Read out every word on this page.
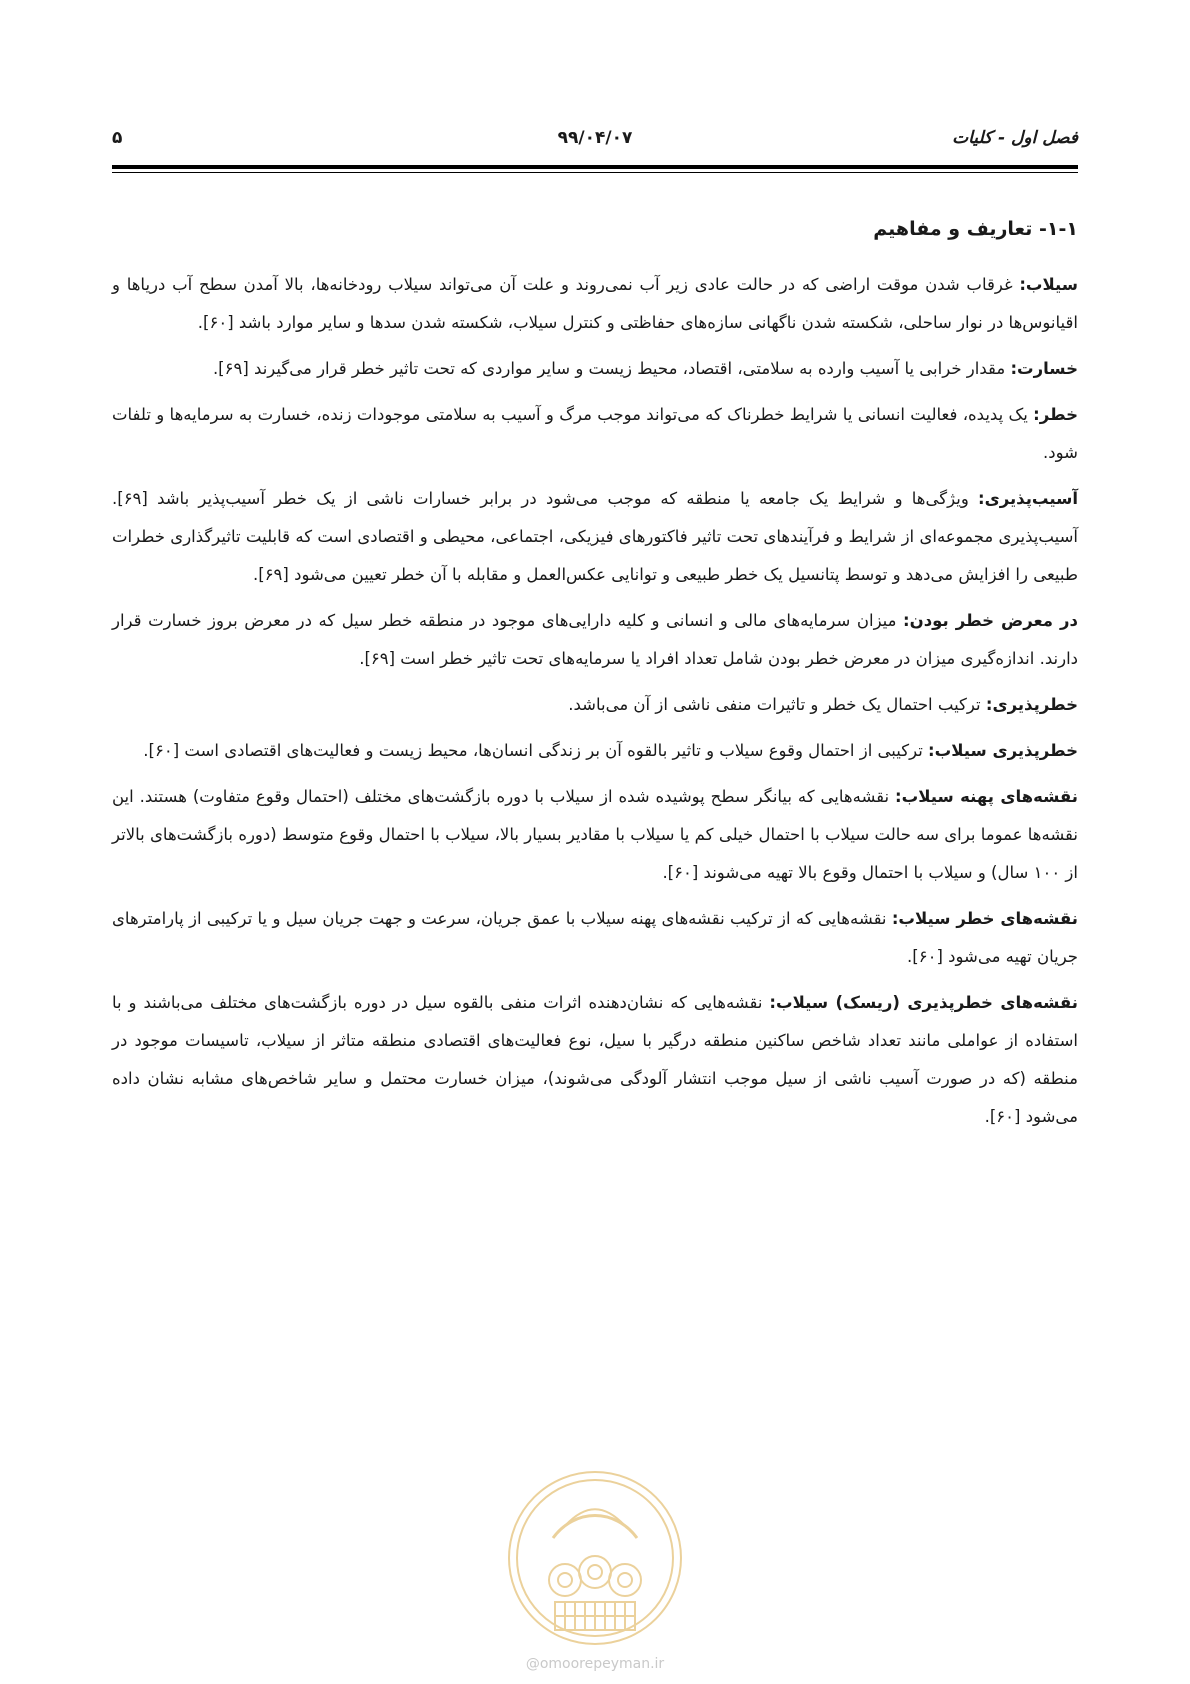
فصل اول - کلیات
۹۹/۰۴/۰۷
۵
۱-۱- تعاریف و مفاهیم

سیلاب: غرقاب شدن موقت اراضی که در حالت عادی زیر آب نمی‌روند و علت آن می‌تواند سیلاب رودخانه‌ها، بالا آمدن سطح آب دریاها و اقیانوس‌ها در نوار ساحلی، شکسته شدن ناگهانی سازه‌های حفاظتی و کنترل سیلاب، شکسته شدن سدها و سایر موارد باشد [۶۰].

خسارت: مقدار خرابی یا آسیب وارده به سلامتی، اقتصاد، محیط زیست و سایر مواردی که تحت تاثیر خطر قرار می‌گیرند [۶۹].

خطر: یک پدیده، فعالیت انسانی یا شرایط خطرناک که می‌تواند موجب مرگ و آسیب به سلامتی موجودات زنده، خسارت به سرمایه‌ها و تلفات شود.

آسیب‌پذیری: ویژگی‌ها و شرایط یک جامعه یا منطقه که موجب می‌شود در برابر خسارات ناشی از یک خطر آسیب‌پذیر باشد [۶۹]. آسیب‌پذیری مجموعه‌ای از شرایط و فرآیندهای تحت تاثیر فاکتورهای فیزیکی، اجتماعی، محیطی و اقتصادی است که قابلیت تاثیرگذاری خطرات طبیعی را افزایش می‌دهد و توسط پتانسیل یک خطر طبیعی و توانایی عکس‌العمل و مقابله با آن خطر تعیین می‌شود [۶۹].

در معرض خطر بودن: میزان سرمایه‌های مالی و انسانی و کلیه دارایی‌های موجود در منطقه خطر سیل که در معرض بروز خسارت قرار دارند. اندازه‌گیری میزان در معرض خطر بودن شامل تعداد افراد یا سرمایه‌های تحت تاثیر خطر است [۶۹].

خطرپذیری: ترکیب احتمال یک خطر و تاثیرات منفی ناشی از آن می‌باشد.

خطرپذیری سیلاب: ترکیبی از احتمال وقوع سیلاب و تاثیر بالقوه آن بر زندگی انسان‌ها، محیط زیست و فعالیت‌های اقتصادی است [۶۰].

نقشه‌های پهنه سیلاب: نقشه‌هایی که بیانگر سطح پوشیده شده از سیلاب با دوره بازگشت‌های مختلف (احتمال وقوع متفاوت) هستند. این نقشه‌ها عموما برای سه حالت سیلاب با احتمال خیلی کم یا سیلاب با مقادیر بسیار بالا، سیلاب با احتمال وقوع متوسط (دوره بازگشت‌های بالاتر از ۱۰۰ سال) و سیلاب با احتمال وقوع بالا تهیه می‌شوند [۶۰].

نقشه‌های خطر سیلاب: نقشه‌هایی که از ترکیب نقشه‌های پهنه سیلاب با عمق جریان، سرعت و جهت جریان سیل و یا ترکیبی از پارامترهای جریان تهیه می‌شود [۶۰].

نقشه‌های خطرپذیری (ریسک) سیلاب: نقشه‌هایی که نشان‌دهنده اثرات منفی بالقوه سیل در دوره بازگشت‌های مختلف می‌باشند و با استفاده از عواملی مانند تعداد شاخص ساکنین منطقه درگیر با سیل، نوع فعالیت‌های اقتصادی منطقه متاثر از سیلاب، تاسیسات موجود در منطقه (که در صورت آسیب ناشی از سیل موجب انتشار آلودگی می‌شوند)، میزان خسارت محتمل و سایر شاخص‌های مشابه نشان داده می‌شود [۶۰].

@omoorepeyman.ir
